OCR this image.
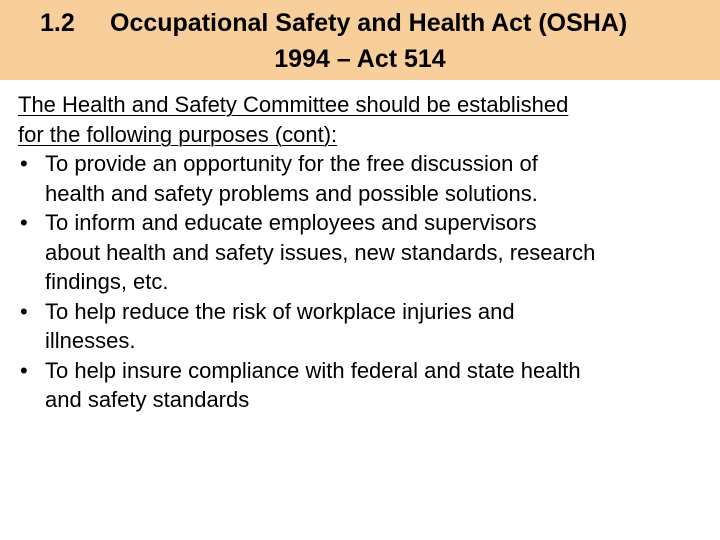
1.2 Occupational Safety and Health Act (OSHA)
1994 – Act 514
The Health and Safety Committee should be established
for the following purposes (cont):
• To provide an opportunity for the free discussion of
health and safety problems and possible solutions.
• To inform and educate employees and supervisors
about health and safety issues, new standards, research
findings, etc.
• To help reduce the risk of workplace injuries and
illnesses.
• To help insure compliance with federal and state health
and safety standards
